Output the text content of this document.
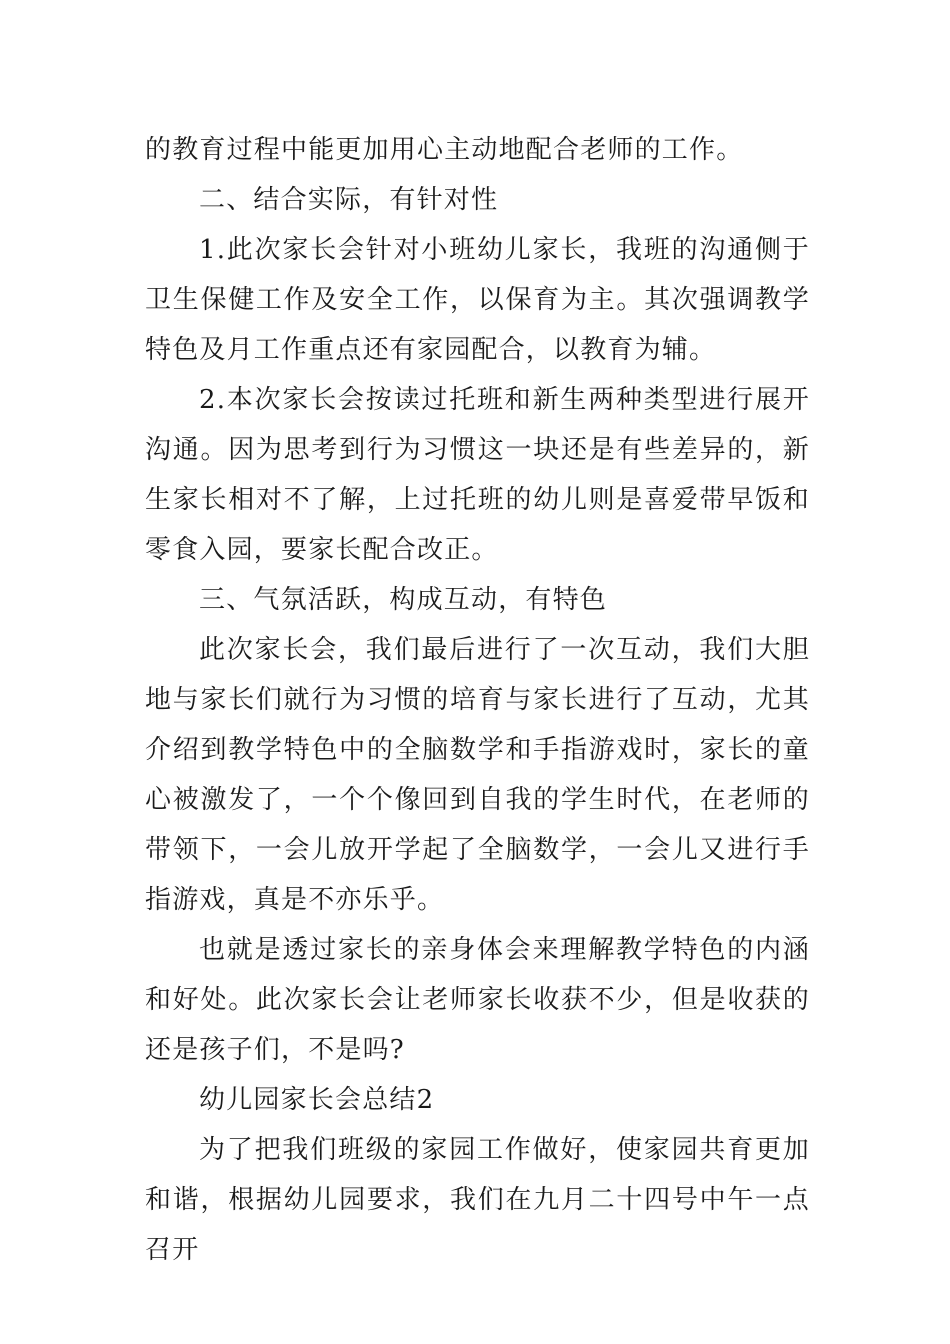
的教育过程中能更加用心主动地配合老师的工作。

二、结合实际，有针对性

1.此次家长会针对小班幼儿家长，我班的沟通侧于卫生保健工作及安全工作，以保育为主。其次强调教学特色及月工作重点还有家园配合，以教育为辅。

2.本次家长会按读过托班和新生两种类型进行展开沟通。因为思考到行为习惯这一块还是有些差异的，新生家长相对不了解，上过托班的幼儿则是喜爱带早饭和零食入园，要家长配合改正。

三、气氛活跃，构成互动，有特色

此次家长会，我们最后进行了一次互动，我们大胆地与家长们就行为习惯的培育与家长进行了互动，尤其介绍到教学特色中的全脑数学和手指游戏时，家长的童心被激发了，一个个像回到自我的学生时代，在老师的带领下，一会儿放开学起了全脑数学，一会儿又进行手指游戏，真是不亦乐乎。

也就是透过家长的亲身体会来理解教学特色的内涵和好处。此次家长会让老师家长收获不少，但是收获的还是孩子们，不是吗?

幼儿园家长会总结2

为了把我们班级的家园工作做好，使家园共育更加和谐，根据幼儿园要求，我们在九月二十四号中午一点召开
